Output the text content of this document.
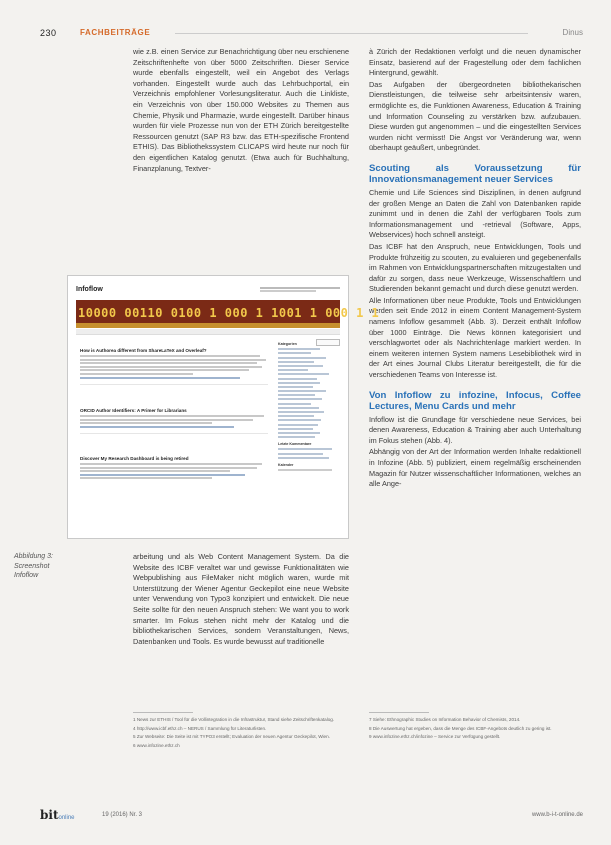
230	FACHBEITRÄGE	Dinus

wie z.B. einen Service zur Benachrichtigung über neu erschienene Zeitschriftenhefte von über 5000 Zeitschriften. Dieser Service wurde ebenfalls eingestellt, weil ein Angebot des Verlags vorhanden. Eingestellt wurde auch das Lehrbuchportal, ein Verzeichnis empfohlener Vorlesungsliteratur. Auch die Linkliste, ein Verzeichnis von über 150.000 Websites zu Themen aus Chemie, Physik und Pharmazie, wurde eingestellt. Darüber hinaus wurden für viele Prozesse nun von der ETH Zürich bereitgestellte Ressourcen genutzt (SAP R3 bzw. das ETH-spezifische Frontend ETHIS). Das Bibliothekssystem CLICAPS wird heute nur noch für den eigentlichen Katalog genutzt. (Etwa auch für Buchhaltung, Finanzplanung, Textver-

à Zürich der Redaktionen verfolgt und die neuen dynamischer Einsatz, basierend auf der Fragestellung oder dem fachlichen Hintergrund, gewählt.

Das Aufgaben der übergeordneten bibliothekarischen Dienstleistungen, die teilweise sehr arbeitsintensiv waren, ermöglichte es, die Funktionen Awareness, Education & Training und Information Counseling zu verstärken bzw. aufzubauen. Diese wurden gut angenommen – und die eingestellten Services wurden nicht vermisst! Die Angst vor Veränderung war, wenn überhaupt geäußert, unbegründet.

Scouting als Voraussetzung für Innovationsmanagement neuer Services

Chemie und Life Sciences sind Disziplinen, in denen aufgrund der großen Menge an Daten die Zahl von Datenbanken rapide zunimmt und in denen die Zahl der verfügbaren Tools zum Informationsmanagement und -retrieval (Software, Apps, Webservices) hoch schnell ansteigt.

Das ICBF hat den Anspruch, neue Entwicklungen, Tools und Produkte frühzeitig zu scouten, zu evaluieren und gegebenenfalls im Rahmen von Entwicklungspartnerschaften mitzugestalten und dafür zu sorgen, dass neue Werkzeuge, Wissenschaftlern und Studierenden bekannt gemacht und durch diese genutzt werden.

Alle Informationen über neue Produkte, Tools und Entwicklungen werden seit Ende 2012 in einem Content Management-System namens Infoflow gesammelt (Abb. 3). Derzeit enthält Infoflow über 1000 Einträge. Die News können kategorisiert und verschlagwortet oder als Nachrichtenlage markiert werden. In einem weiteren internen System namens Lesebibliothek wird in der Art eines Journal Clubs Literatur bereitgestellt, die für die verschiedenen Teams von Interesse ist.

Von Infoflow zu infozine, Infocus, Coffee Lectures, Menu Cards und mehr

Infoflow ist die Grundlage für verschiedene neue Services, bei denen Awareness, Education & Training aber auch Unterhaltung im Fokus stehen (Abb. 4).

Abhängig von der Art der Information werden Inhalte redaktionell in Infozine (Abb. 5) publiziert, einem regelmäßig erscheinenden Magazin für Nutzer wissenschaftlicher Informationen, welches an alle Ange-

Infoflow
10000 00110 0100 1 000 1 1001 1 000 1 1
How is Authorea different from ShareLaTeX and Overleaf?
ORCID Author Identifiers: A Primer for Librarians
Discover My Research Dashboard is being retired
Kategorien
Letzte Kommentare
Kalender
Abbildung 3: Screenshot Infoflow

arbeitung und als Web Content Management System. Da die Website des ICBF veraltet war und gewisse Funktionalitäten wie Webpublishing aus FileMaker nicht möglich waren, wurde mit Unterstützung der Wiener Agentur Geckepilot eine neue Website unter Verwendung von Typo3 konzipiert und entwickelt. Die neue Seite sollte für den neuen Anspruch stehen: We want you to work smarter. Im Fokus stehen nicht mehr der Katalog und die bibliothekarischen Services, sondern Veranstaltungen, News, Datenbanken und Tools. Es wurde bewusst auf traditionelle

1 News zur ETHIS / Tool für die Vollintegration in die Infrastruktur, Stand siehe Zeitschriftenkatalog.

4 http://www.icbf.ethz.ch – NERUS / Sammlung für Literaturlisten.

5 Zur Webseite: Die Seite ist mit TYPO3 erstellt; Evaluation der neuen Agentur Geckepilot, Wien.

6 www.infozine.ethz.ch

7 Siehe: Ethnographic Studies on Information Behavior of Chemists, 2014.

8 Die Auswertung hat ergeben, dass die Menge des ICBF-Angebots deutlich zu gering ist.

9 www.infozine.ethz.ch/infozine – Service zur Verfügung gestellt.

bitonline	19 (2016) Nr. 3	www.b-i-t-online.de
